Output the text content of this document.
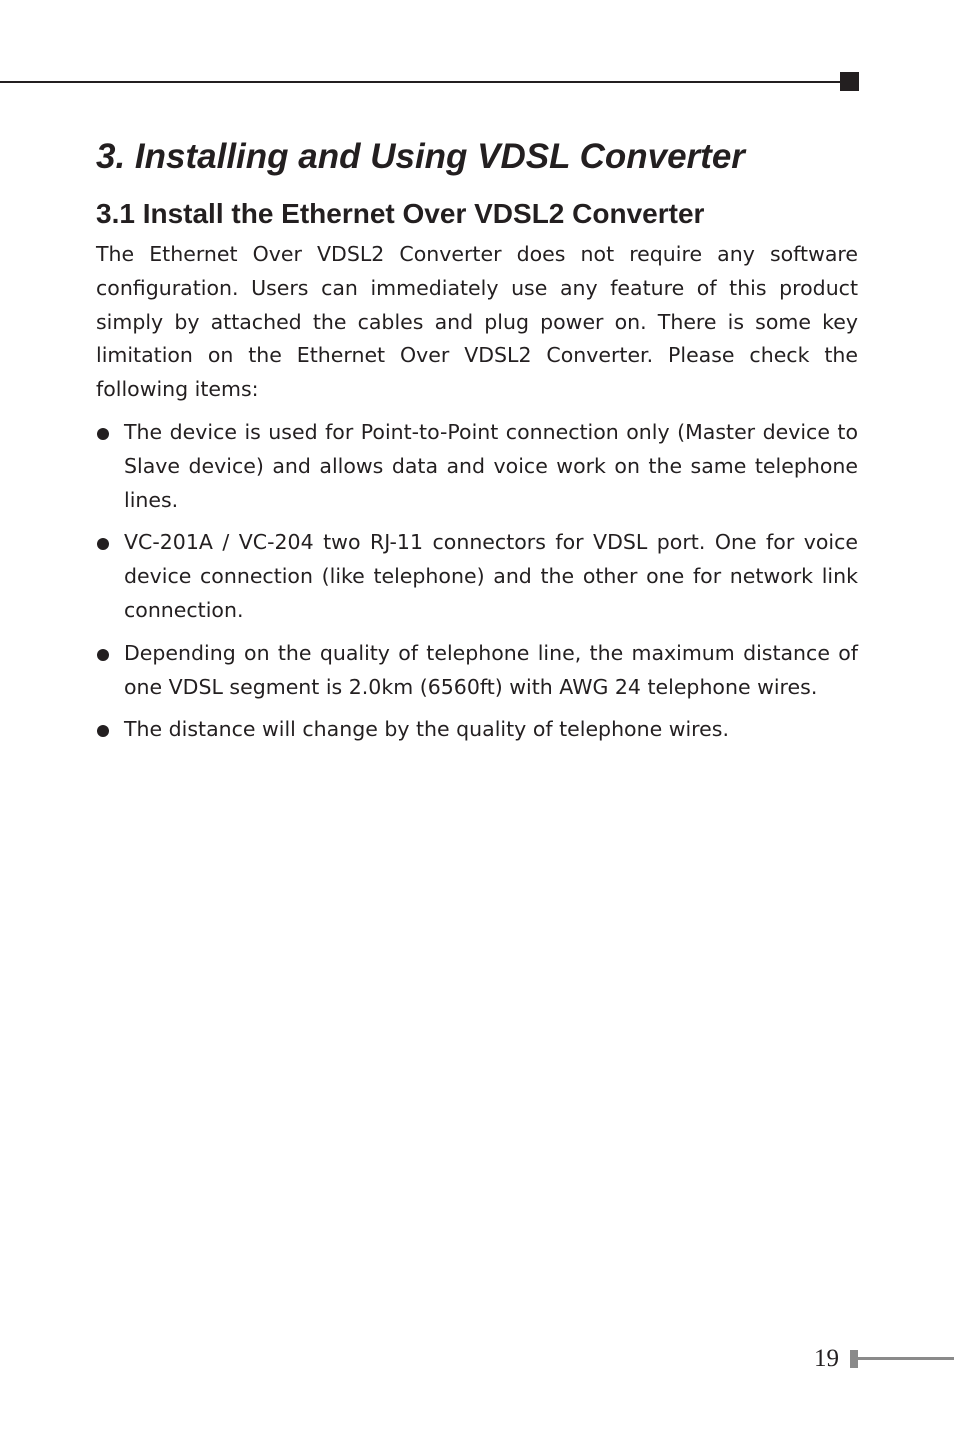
3. Installing and Using VDSL Converter
3.1 Install the Ethernet Over VDSL2 Converter

The Ethernet Over VDSL2 Converter does not require any software configuration. Users can immediately use any feature of this product simply by attached the cables and plug power on. There is some key limitation on the Ethernet Over VDSL2 Converter. Please check the following items:

The device is used for Point-to-Point connection only (Master device to Slave device) and allows data and voice work on the same telephone lines.

VC-201A / VC-204 two RJ-11 connectors for VDSL port. One for voice device connection (like telephone) and the other one for network link connection.

Depending on the quality of telephone line, the maximum distance of one VDSL segment is 2.0km (6560ft) with AWG 24 telephone wires.

The distance will change by the quality of telephone wires.

19
